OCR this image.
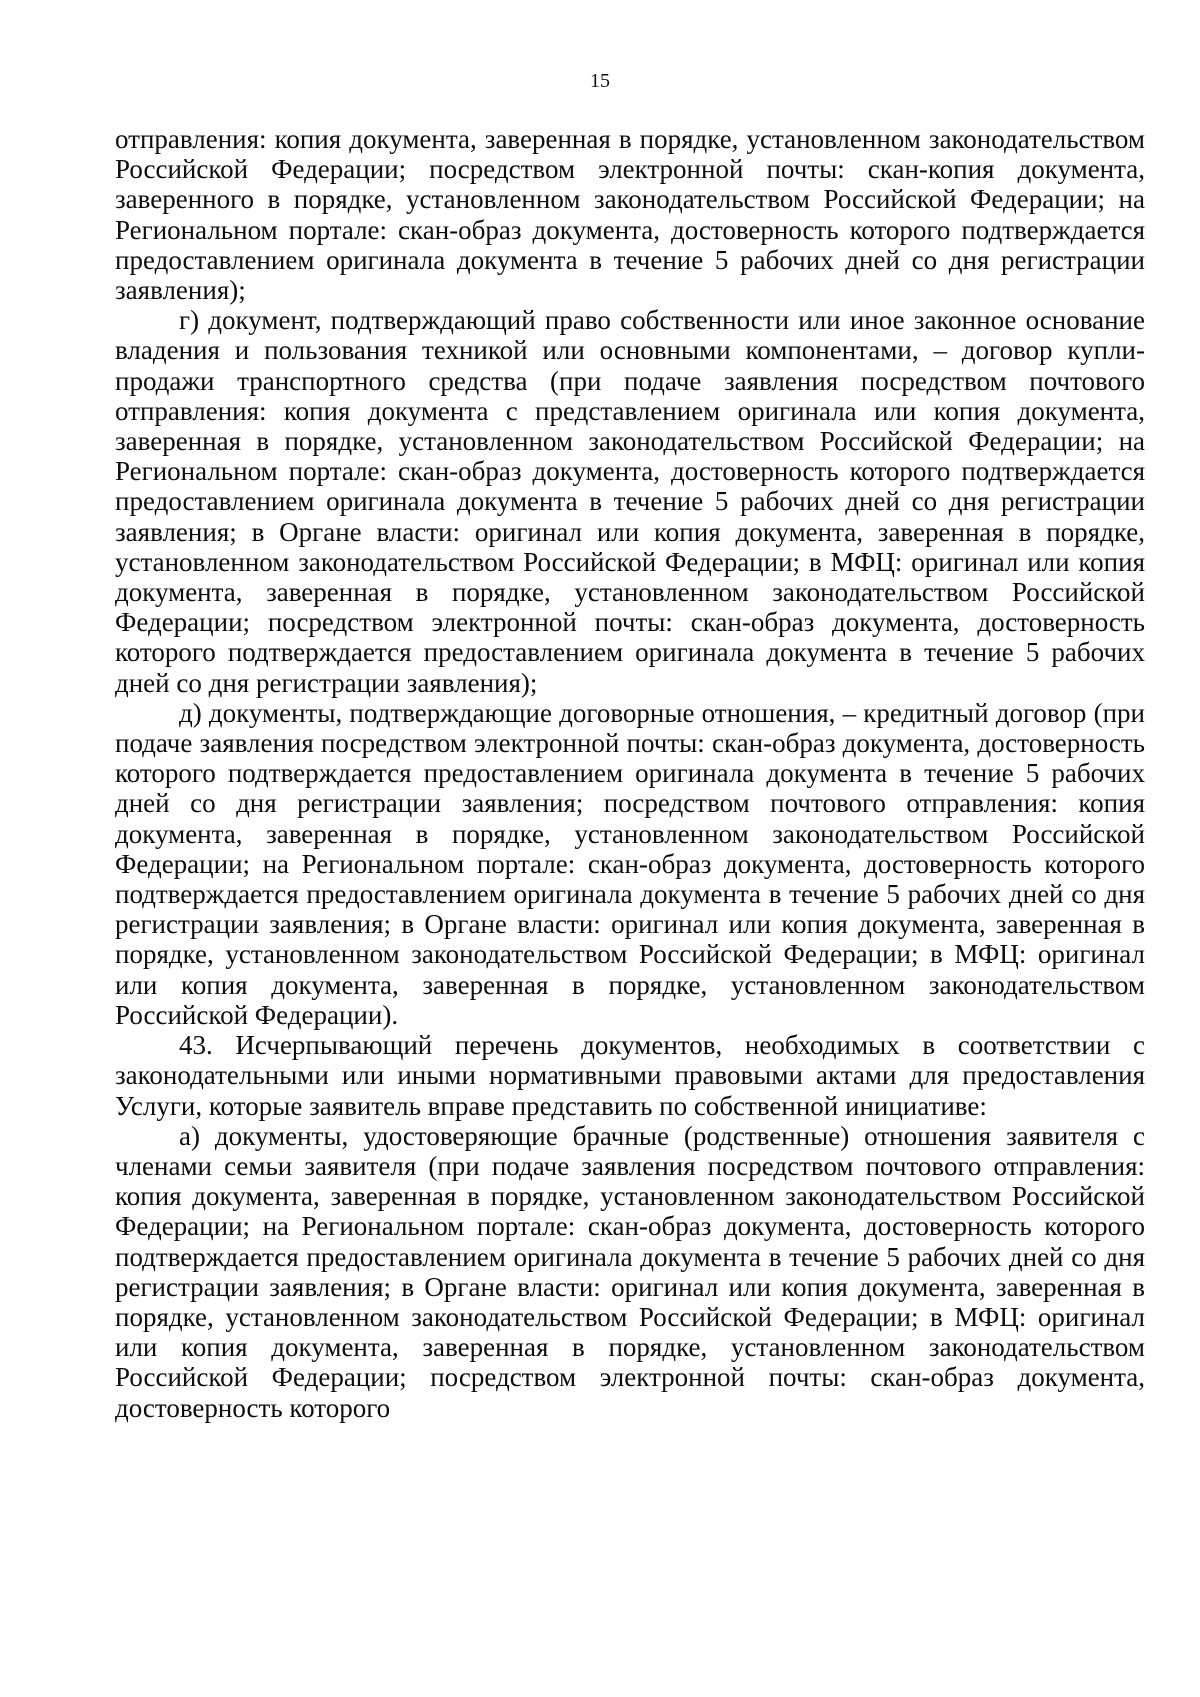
15

отправления: копия документа, заверенная в порядке, установленном законодательством Российской Федерации; посредством электронной почты: скан-копия документа, заверенного в порядке, установленном законодательством Российской Федерации; на Региональном портале: скан-образ документа, достоверность которого подтверждается предоставлением оригинала документа в течение 5 рабочих дней со дня регистрации заявления);

г) документ, подтверждающий право собственности или иное законное основание владения и пользования техникой или основными компонентами, – договор купли-продажи транспортного средства (при подаче заявления посредством почтового отправления: копия документа с представлением оригинала или копия документа, заверенная в порядке, установленном законодательством Российской Федерации; на Региональном портале: скан-образ документа, достоверность которого подтверждается предоставлением оригинала документа в течение 5 рабочих дней со дня регистрации заявления; в Органе власти: оригинал или копия документа, заверенная в порядке, установленном законодательством Российской Федерации; в МФЦ: оригинал или копия документа, заверенная в порядке, установленном законодательством Российской Федерации; посредством электронной почты: скан-образ документа, достоверность которого подтверждается предоставлением оригинала документа в течение 5 рабочих дней со дня регистрации заявления);

д) документы, подтверждающие договорные отношения, – кредитный договор (при подаче заявления посредством электронной почты: скан-образ документа, достоверность которого подтверждается предоставлением оригинала документа в течение 5 рабочих дней со дня регистрации заявления; посредством почтового отправления: копия документа, заверенная в порядке, установленном законодательством Российской Федерации; на Региональном портале: скан-образ документа, достоверность которого подтверждается предоставлением оригинала документа в течение 5 рабочих дней со дня регистрации заявления; в Органе власти: оригинал или копия документа, заверенная в порядке, установленном законодательством Российской Федерации; в МФЦ: оригинал или копия документа, заверенная в порядке, установленном законодательством Российской Федерации).

43. Исчерпывающий перечень документов, необходимых в соответствии с законодательными или иными нормативными правовыми актами для предоставления Услуги, которые заявитель вправе представить по собственной инициативе:

а) документы, удостоверяющие брачные (родственные) отношения заявителя с членами семьи заявителя (при подаче заявления посредством почтового отправления: копия документа, заверенная в порядке, установленном законодательством Российской Федерации; на Региональном портале: скан-образ документа, достоверность которого подтверждается предоставлением оригинала документа в течение 5 рабочих дней со дня регистрации заявления; в Органе власти: оригинал или копия документа, заверенная в порядке, установленном законодательством Российской Федерации; в МФЦ: оригинал или копия документа, заверенная в порядке, установленном законодательством Российской Федерации; посредством электронной почты: скан-образ документа, достоверность которого
